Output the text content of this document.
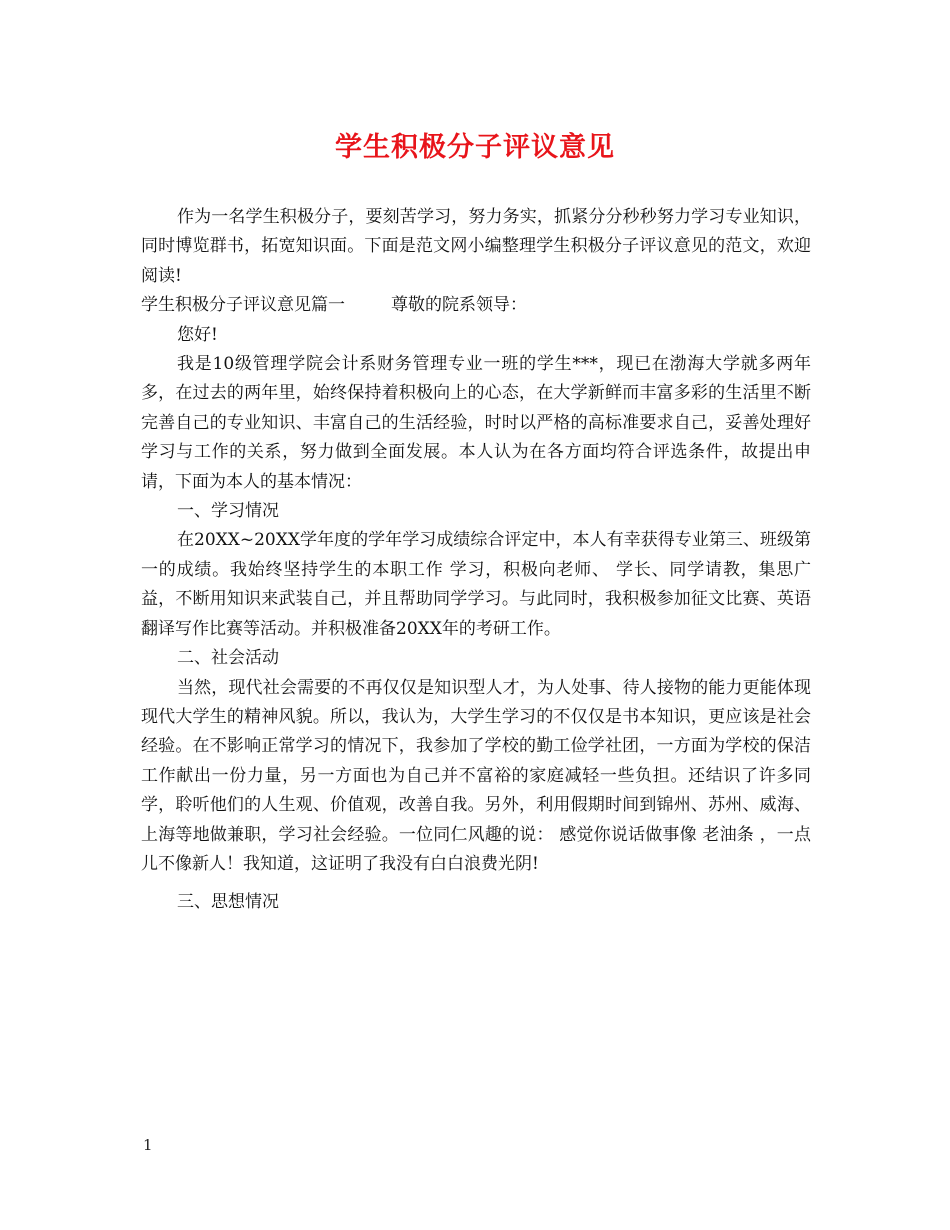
学生积极分子评议意见

作为一名学生积极分子，要刻苦学习，努力务实，抓紧分分秒秒努力学习专业知识，同时博览群书，拓宽知识面。下面是范文网小编整理学生积极分子评议意见的范文，欢迎阅读!

学生积极分子评议意见篇一	尊敬的院系领导：

您好!

我是10级管理学院会计系财务管理专业一班的学生***，现已在渤海大学就多两年多，在过去的两年里，始终保持着积极向上的心态，在大学新鲜而丰富多彩的生活里不断完善自己的专业知识、丰富自己的生活经验，时时以严格的高标准要求自己，妥善处理好学习与工作的关系，努力做到全面发展。本人认为在各方面均符合评选条件，故提出申请，下面为本人的基本情况：

一、学习情况

在20XX~20XX学年度的学年学习成绩综合评定中，本人有幸获得专业第三、班级第一的成绩。我始终坚持学生的本职工作 学习，积极向老师、 学长、同学请教，集思广益，不断用知识来武装自己，并且帮助同学学习。与此同时，我积极参加征文比赛、英语翻译写作比赛等活动。并积极准备20XX年的考研工作。

二、社会活动

当然，现代社会需要的不再仅仅是知识型人才，为人处事、待人接物的能力更能体现现代大学生的精神风貌。所以，我认为，大学生学习的不仅仅是书本知识，更应该是社会经验。在不影响正常学习的情况下，我参加了学校的勤工俭学社团，一方面为学校的保洁工作献出一份力量，另一方面也为自己并不富裕的家庭减轻一些负担。还结识了许多同学，聆听他们的人生观、价值观，改善自我。另外，利用假期时间到锦州、苏州、威海、上海等地做兼职，学习社会经验。一位同仁风趣的说： 感觉你说话做事像 老油条 ，一点儿不像新人！我知道，这证明了我没有白白浪费光阴!

三、思想情况

1
